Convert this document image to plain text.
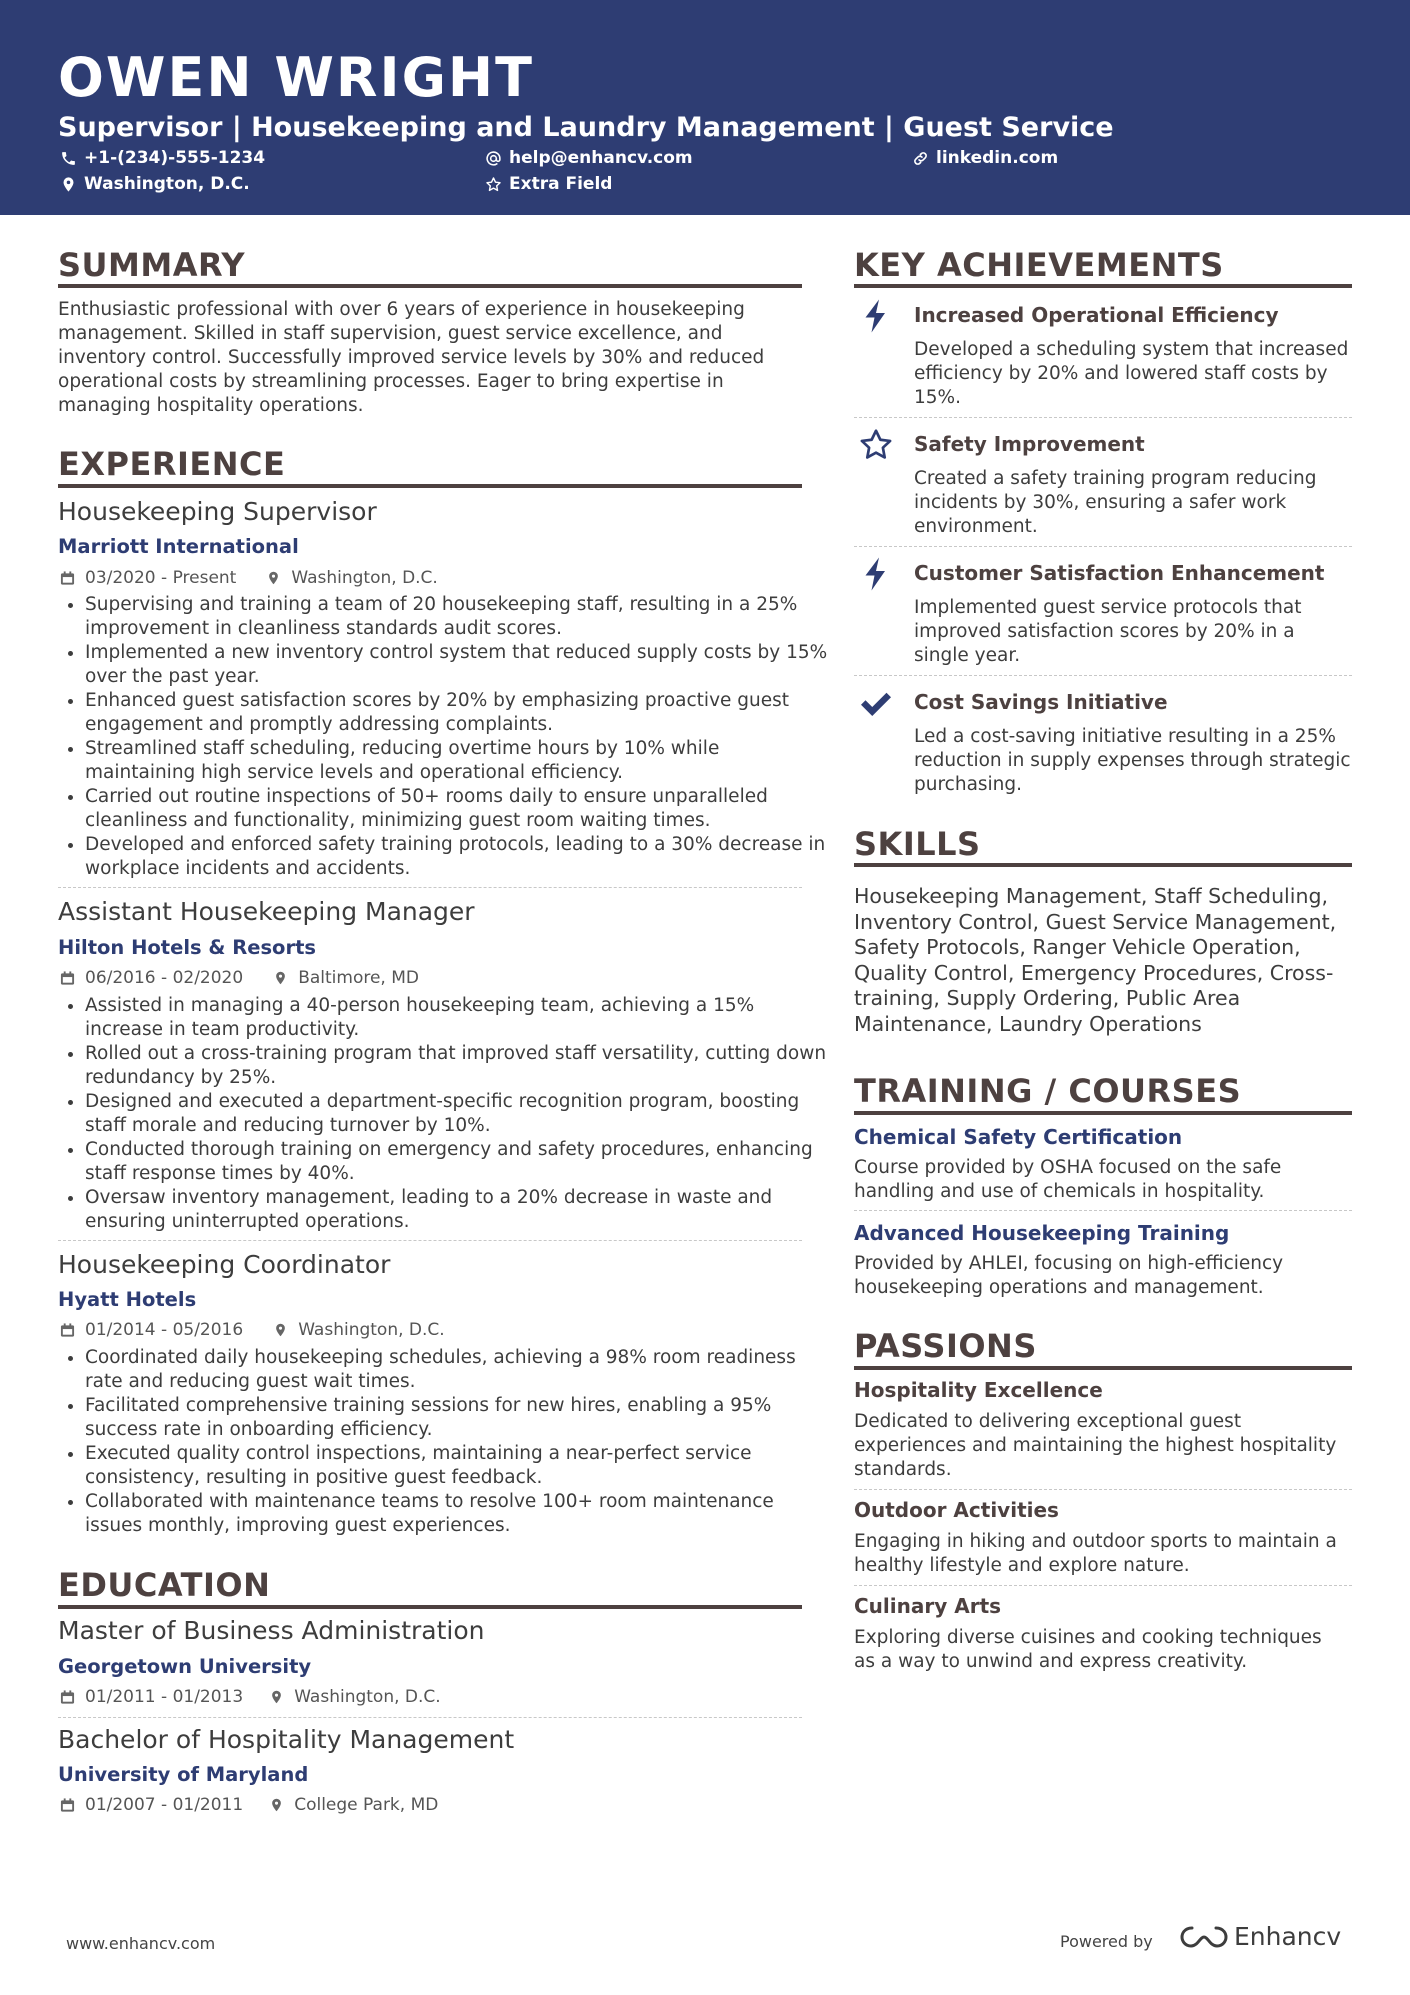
OWEN WRIGHT
Supervisor | Housekeeping and Laundry Management | Guest Service
+1-(234)-555-1234	help@enhancv.com	linkedin.com
Washington, D.C.	Extra Field
SUMMARY
Enthusiastic professional with over 6 years of experience in housekeeping management. Skilled in staff supervision, guest service excellence, and inventory control. Successfully improved service levels by 30% and reduced operational costs by streamlining processes. Eager to bring expertise in managing hospitality operations.
EXPERIENCE
Housekeeping Supervisor
Marriott International
03/2020 - Present	Washington, D.C.
• Supervising and training a team of 20 housekeeping staff, resulting in a 25% improvement in cleanliness standards audit scores.
• Implemented a new inventory control system that reduced supply costs by 15% over the past year.
• Enhanced guest satisfaction scores by 20% by emphasizing proactive guest engagement and promptly addressing complaints.
• Streamlined staff scheduling, reducing overtime hours by 10% while maintaining high service levels and operational efficiency.
• Carried out routine inspections of 50+ rooms daily to ensure unparalleled cleanliness and functionality, minimizing guest room waiting times.
• Developed and enforced safety training protocols, leading to a 30% decrease in workplace incidents and accidents.
Assistant Housekeeping Manager
Hilton Hotels & Resorts
06/2016 - 02/2020	Baltimore, MD
• Assisted in managing a 40-person housekeeping team, achieving a 15% increase in team productivity.
• Rolled out a cross-training program that improved staff versatility, cutting down redundancy by 25%.
• Designed and executed a department-specific recognition program, boosting staff morale and reducing turnover by 10%.
• Conducted thorough training on emergency and safety procedures, enhancing staff response times by 40%.
• Oversaw inventory management, leading to a 20% decrease in waste and ensuring uninterrupted operations.
Housekeeping Coordinator
Hyatt Hotels
01/2014 - 05/2016	Washington, D.C.
• Coordinated daily housekeeping schedules, achieving a 98% room readiness rate and reducing guest wait times.
• Facilitated comprehensive training sessions for new hires, enabling a 95% success rate in onboarding efficiency.
• Executed quality control inspections, maintaining a near-perfect service consistency, resulting in positive guest feedback.
• Collaborated with maintenance teams to resolve 100+ room maintenance issues monthly, improving guest experiences.
EDUCATION
Master of Business Administration
Georgetown University
01/2011 - 01/2013	Washington, D.C.
Bachelor of Hospitality Management
University of Maryland
01/2007 - 01/2011	College Park, MD
KEY ACHIEVEMENTS
Increased Operational Efficiency
Developed a scheduling system that increased efficiency by 20% and lowered staff costs by 15%.
Safety Improvement
Created a safety training program reducing incidents by 30%, ensuring a safer work environment.
Customer Satisfaction Enhancement
Implemented guest service protocols that improved satisfaction scores by 20% in a single year.
Cost Savings Initiative
Led a cost-saving initiative resulting in a 25% reduction in supply expenses through strategic purchasing.
SKILLS
Housekeeping Management, Staff Scheduling, Inventory Control, Guest Service Management, Safety Protocols, Ranger Vehicle Operation, Quality Control, Emergency Procedures, Cross-training, Supply Ordering, Public Area Maintenance, Laundry Operations
TRAINING / COURSES
Chemical Safety Certification
Course provided by OSHA focused on the safe handling and use of chemicals in hospitality.
Advanced Housekeeping Training
Provided by AHLEI, focusing on high-efficiency housekeeping operations and management.
PASSIONS
Hospitality Excellence
Dedicated to delivering exceptional guest experiences and maintaining the highest hospitality standards.
Outdoor Activities
Engaging in hiking and outdoor sports to maintain a healthy lifestyle and explore nature.
Culinary Arts
Exploring diverse cuisines and cooking techniques as a way to unwind and express creativity.
www.enhancv.com	Powered by	Enhancv
